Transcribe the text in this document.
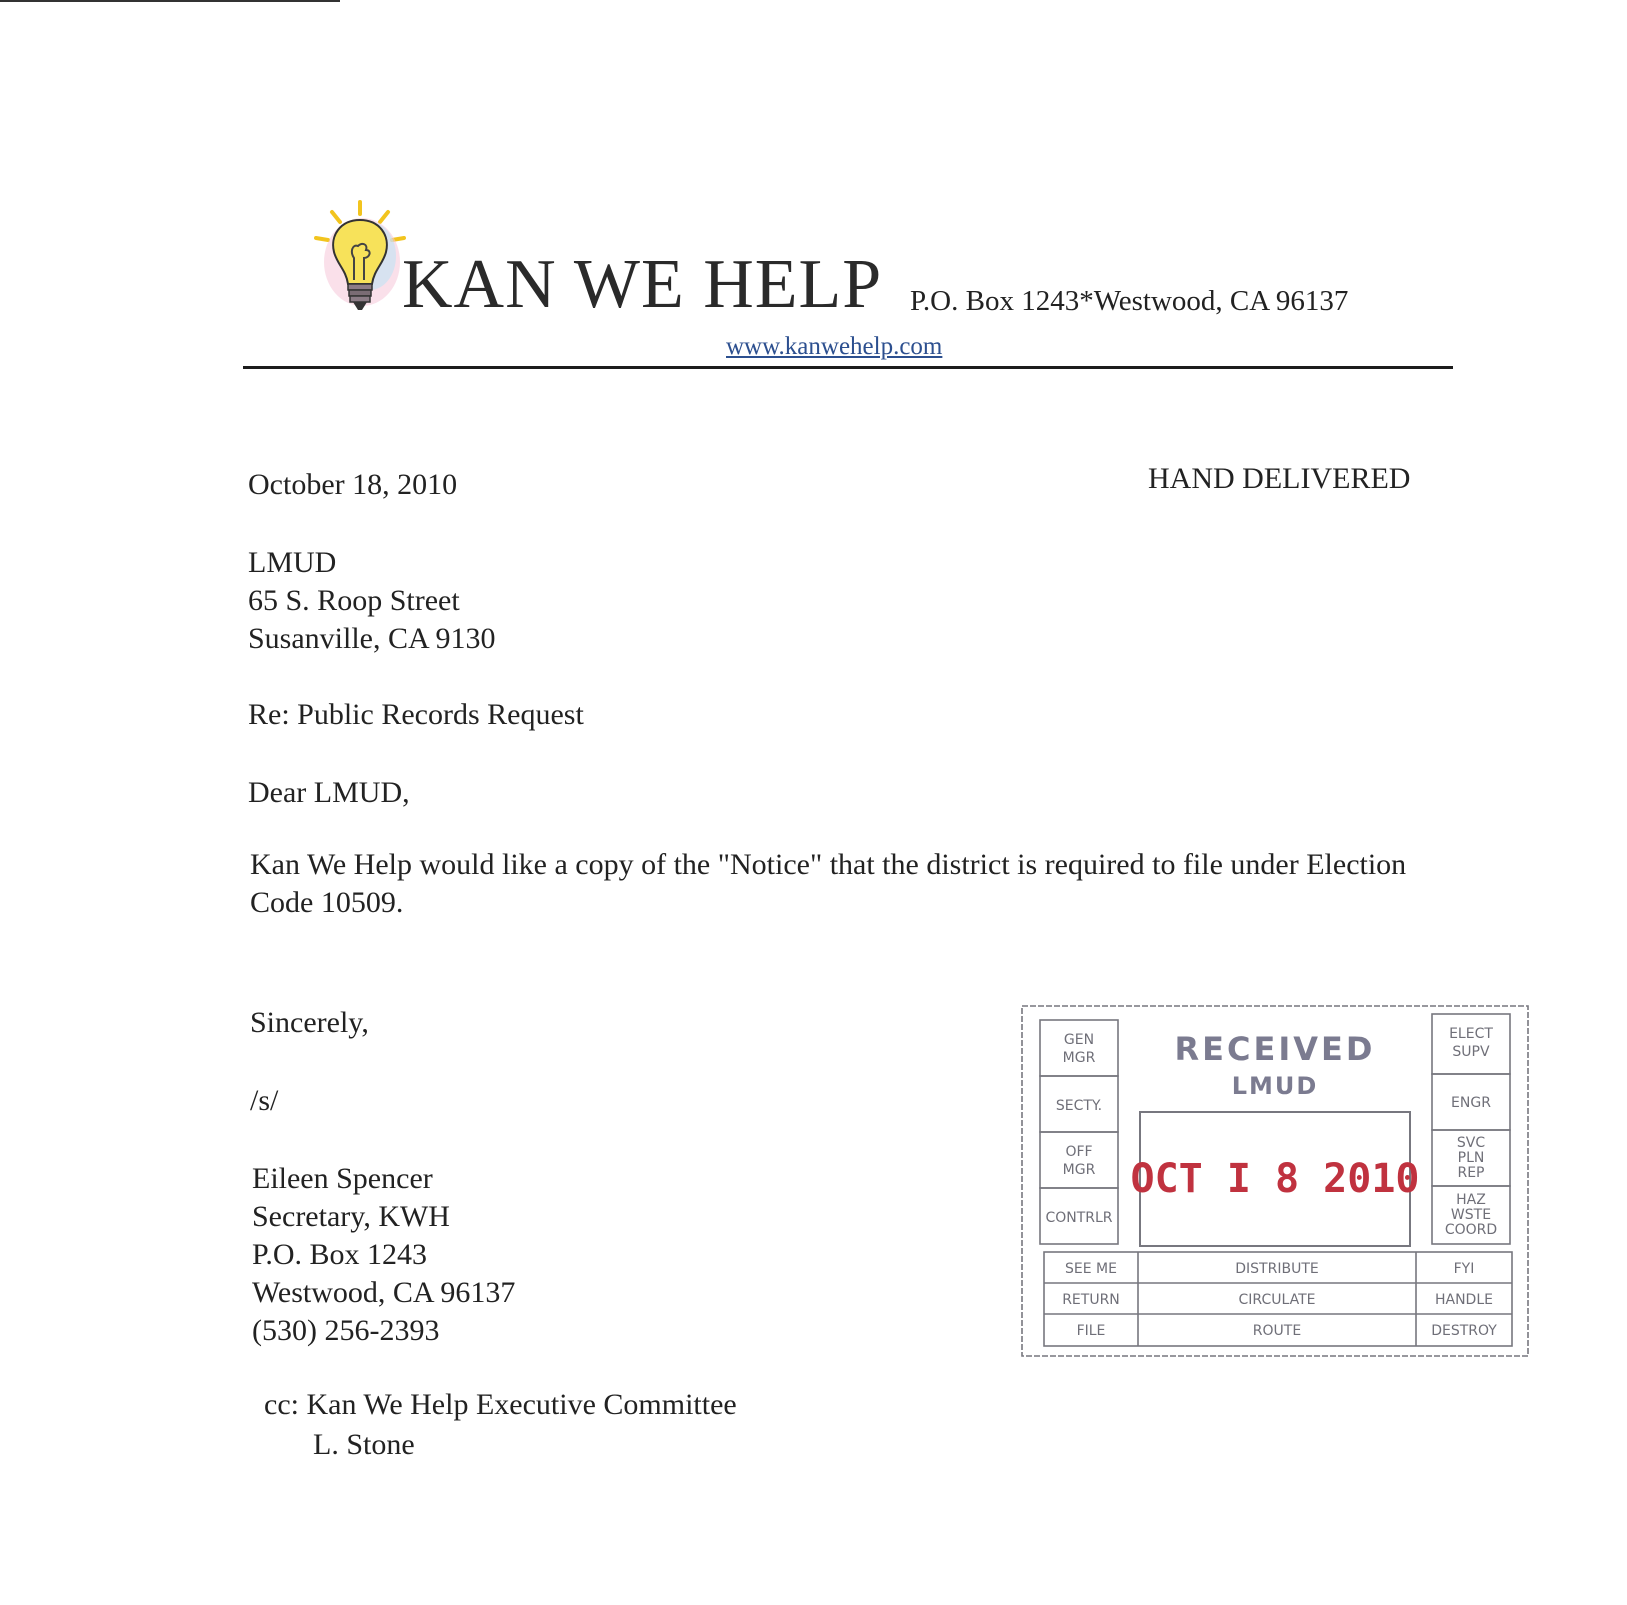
KAN WE HELP P.O. Box 1243*Westwood, CA 96137
www.kanwehelp.com
October 18, 2010	HAND DELIVERED
LMUD
65 S. Roop Street
Susanville, CA 9130
Re: Public Records Request
Dear LMUD,
Kan We Help would like a copy of the "Notice" that the district is required to file under Election Code 10509.
Sincerely,
/s/
Eileen Spencer
Secretary, KWH
P.O. Box 1243
Westwood, CA 96137
(530) 256-2393
cc: Kan We Help Executive Committee
L. Stone
RECEIVED
LMUD
OCT I 8 2010
GEN
MGR
SECTY.
OFF
MGR
CONTRLR
ELECT
SUPV
ENGR
SVC
PLN
REP
HAZ
WSTE
COORD
SEE ME	DISTRIBUTE	FYI
RETURN	CIRCULATE	HANDLE
FILE	ROUTE	DESTROY
